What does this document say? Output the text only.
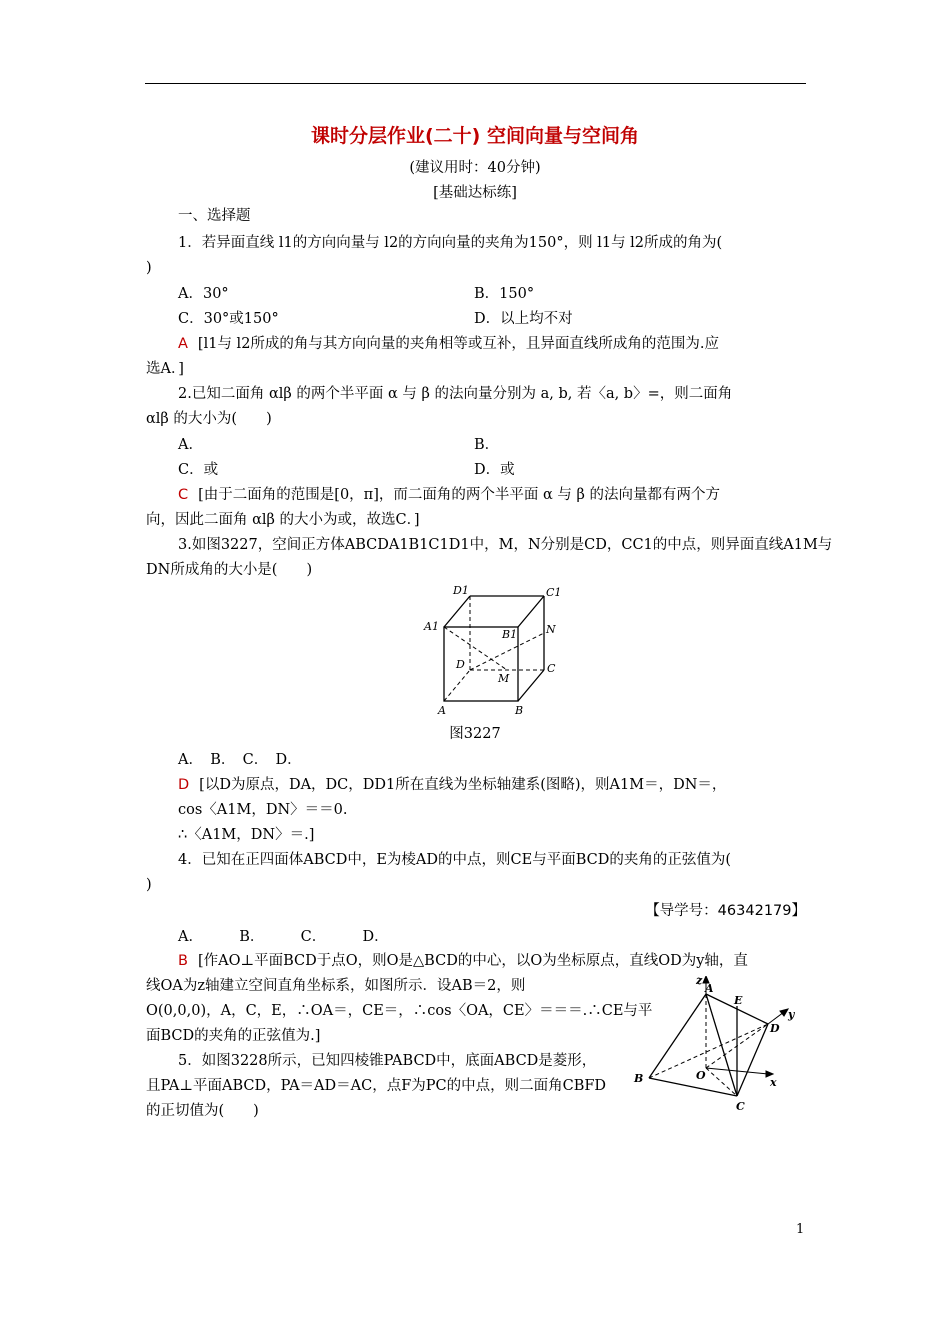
课时分层作业(二十) 空间向量与空间角
(建议用时：40分钟)
[基础达标练]
一、选择题
1．若异面直线 l1的方向向量与 l2的方向向量的夹角为150°，则 l1与 l2所成的角为(
)
A．30°	B．150°
C．30°或150°	D．以上均不对
A [l1与 l2所成的角与其方向向量的夹角相等或互补，且异面直线所成角的范围为.应
选A．]
2.已知二面角 αlβ 的两个半平面 α 与 β 的法向量分别为 a, b, 若〈a, b〉=，则二面角
αlβ 的大小为(　　)
A．	B．
C．或	D．或
C [由于二面角的范围是[0，π]，而二面角的两个半平面 α 与 β 的法向量都有两个方
向，因此二面角 αlβ 的大小为或，故选C．]
3.如图3227，空间正方体ABCDA1B1C1D1中，M，N分别是CD，CC1的中点，则异面直线A1M与
DN所成角的大小是(　　)
D1	C1
A1
B1	N
D	C
M
A	B
图3227
A．　B．　C．　D．
D [以D为原点，DA，DC，DD1所在直线为坐标轴建系(图略)，则A1M＝，DN＝，
cos〈A1M，DN〉＝＝0.
∴〈A1M，DN〉＝.]
4．已知在正四面体ABCD中，E为棱AD的中点，则CE与平面BCD的夹角的正弦值为(
)
【导学号：46342179】
A．　　　B．　　　C．　　　D．
B [作AO⊥平面BCD于点O，则O是△BCD的中心，以O为坐标原点，直线OD为y轴，直
线OA为z轴建立空间直角坐标系，如图所示．设AB＝2，则
O(0,0,0)，A，C，E，∴OA＝，CE＝，∴cos〈OA，CE〉＝＝＝.∴CE与平
面BCD的夹角的正弦值为.]
z
A
E
D
y
B	O
x
C
5．如图3228所示，已知四棱锥PABCD中，底面ABCD是菱形，
且PA⊥平面ABCD，PA＝AD＝AC，点F为PC的中点，则二面角CBFD
的正切值为(　　)
1
